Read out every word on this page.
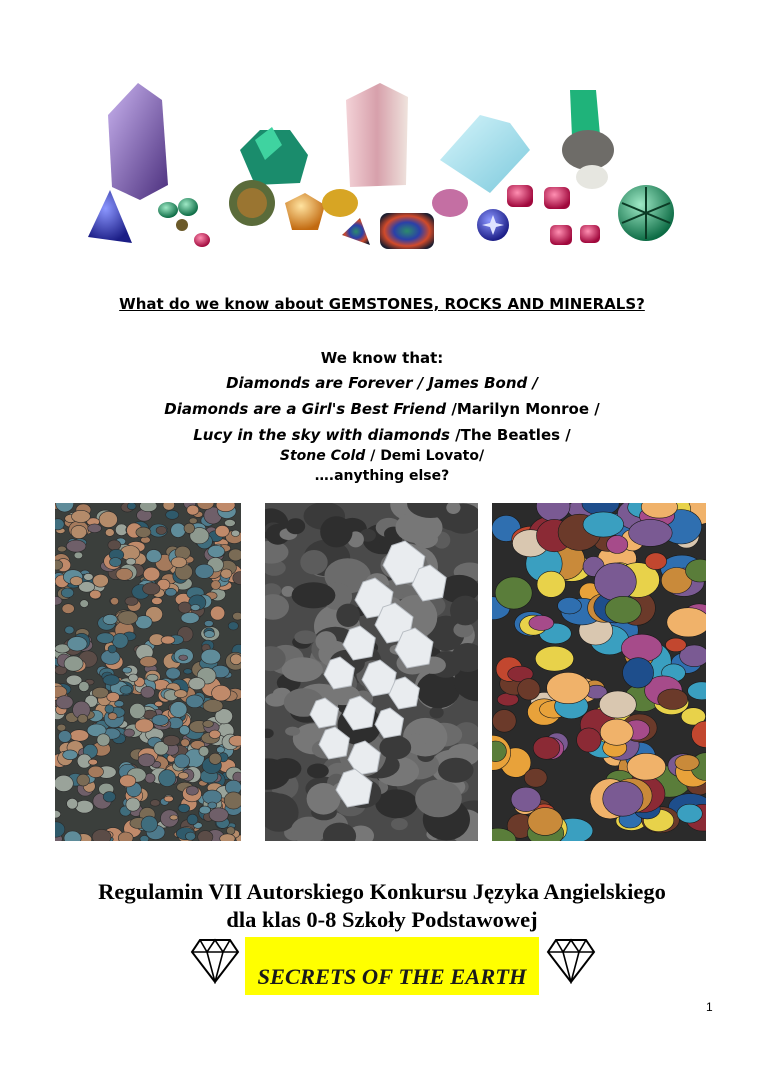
What do we know about GEMSTONES, ROCKS AND MINERALS?
We know that:
Diamonds are Forever / James Bond /
Diamonds are a Girl's Best Friend /Marilyn Monroe /
Lucy in the sky with diamonds /The Beatles /
Stone Cold / Demi Lovato/
….anything else?
Regulamin VII Autorskiego Konkursu Języka Angielskiego
dla klas 0-8 Szkoły Podstawowej
SECRETS OF THE EARTH
1
